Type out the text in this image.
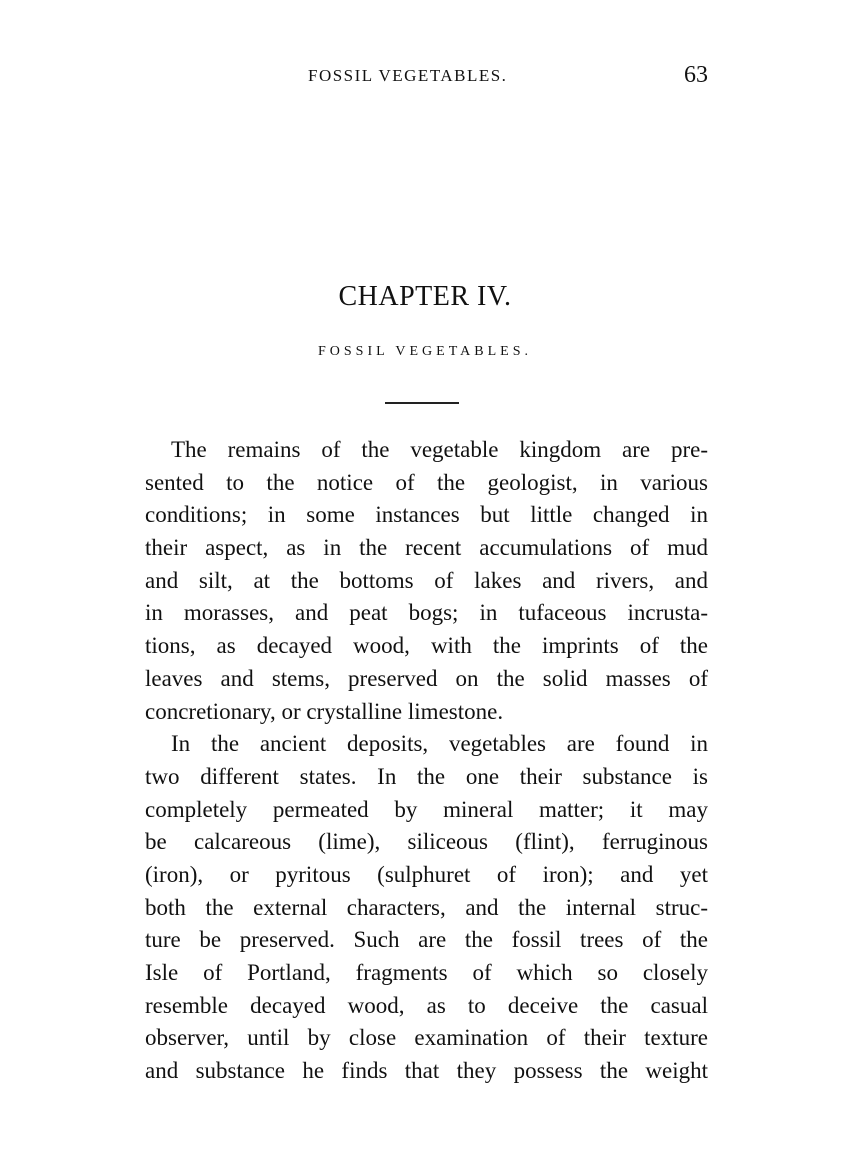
FOSSIL VEGETABLES.	63
CHAPTER IV.
FOSSIL VEGETABLES.
The remains of the vegetable kingdom are pre-
sented to the notice of the geologist, in various
conditions; in some instances but little changed in
their aspect, as in the recent accumulations of mud
and silt, at the bottoms of lakes and rivers, and
in morasses, and peat bogs; in tufaceous incrusta-
tions, as decayed wood, with the imprints of the
leaves and stems, preserved on the solid masses of
concretionary, or crystalline limestone.
In the ancient deposits, vegetables are found in
two different states. In the one their substance is
completely permeated by mineral matter; it may
be calcareous (lime), siliceous (flint), ferruginous
(iron), or pyritous (sulphuret of iron); and yet
both the external characters, and the internal struc-
ture be preserved. Such are the fossil trees of the
Isle of Portland, fragments of which so closely
resemble decayed wood, as to deceive the casual
observer, until by close examination of their texture
and substance he finds that they possess the weight
